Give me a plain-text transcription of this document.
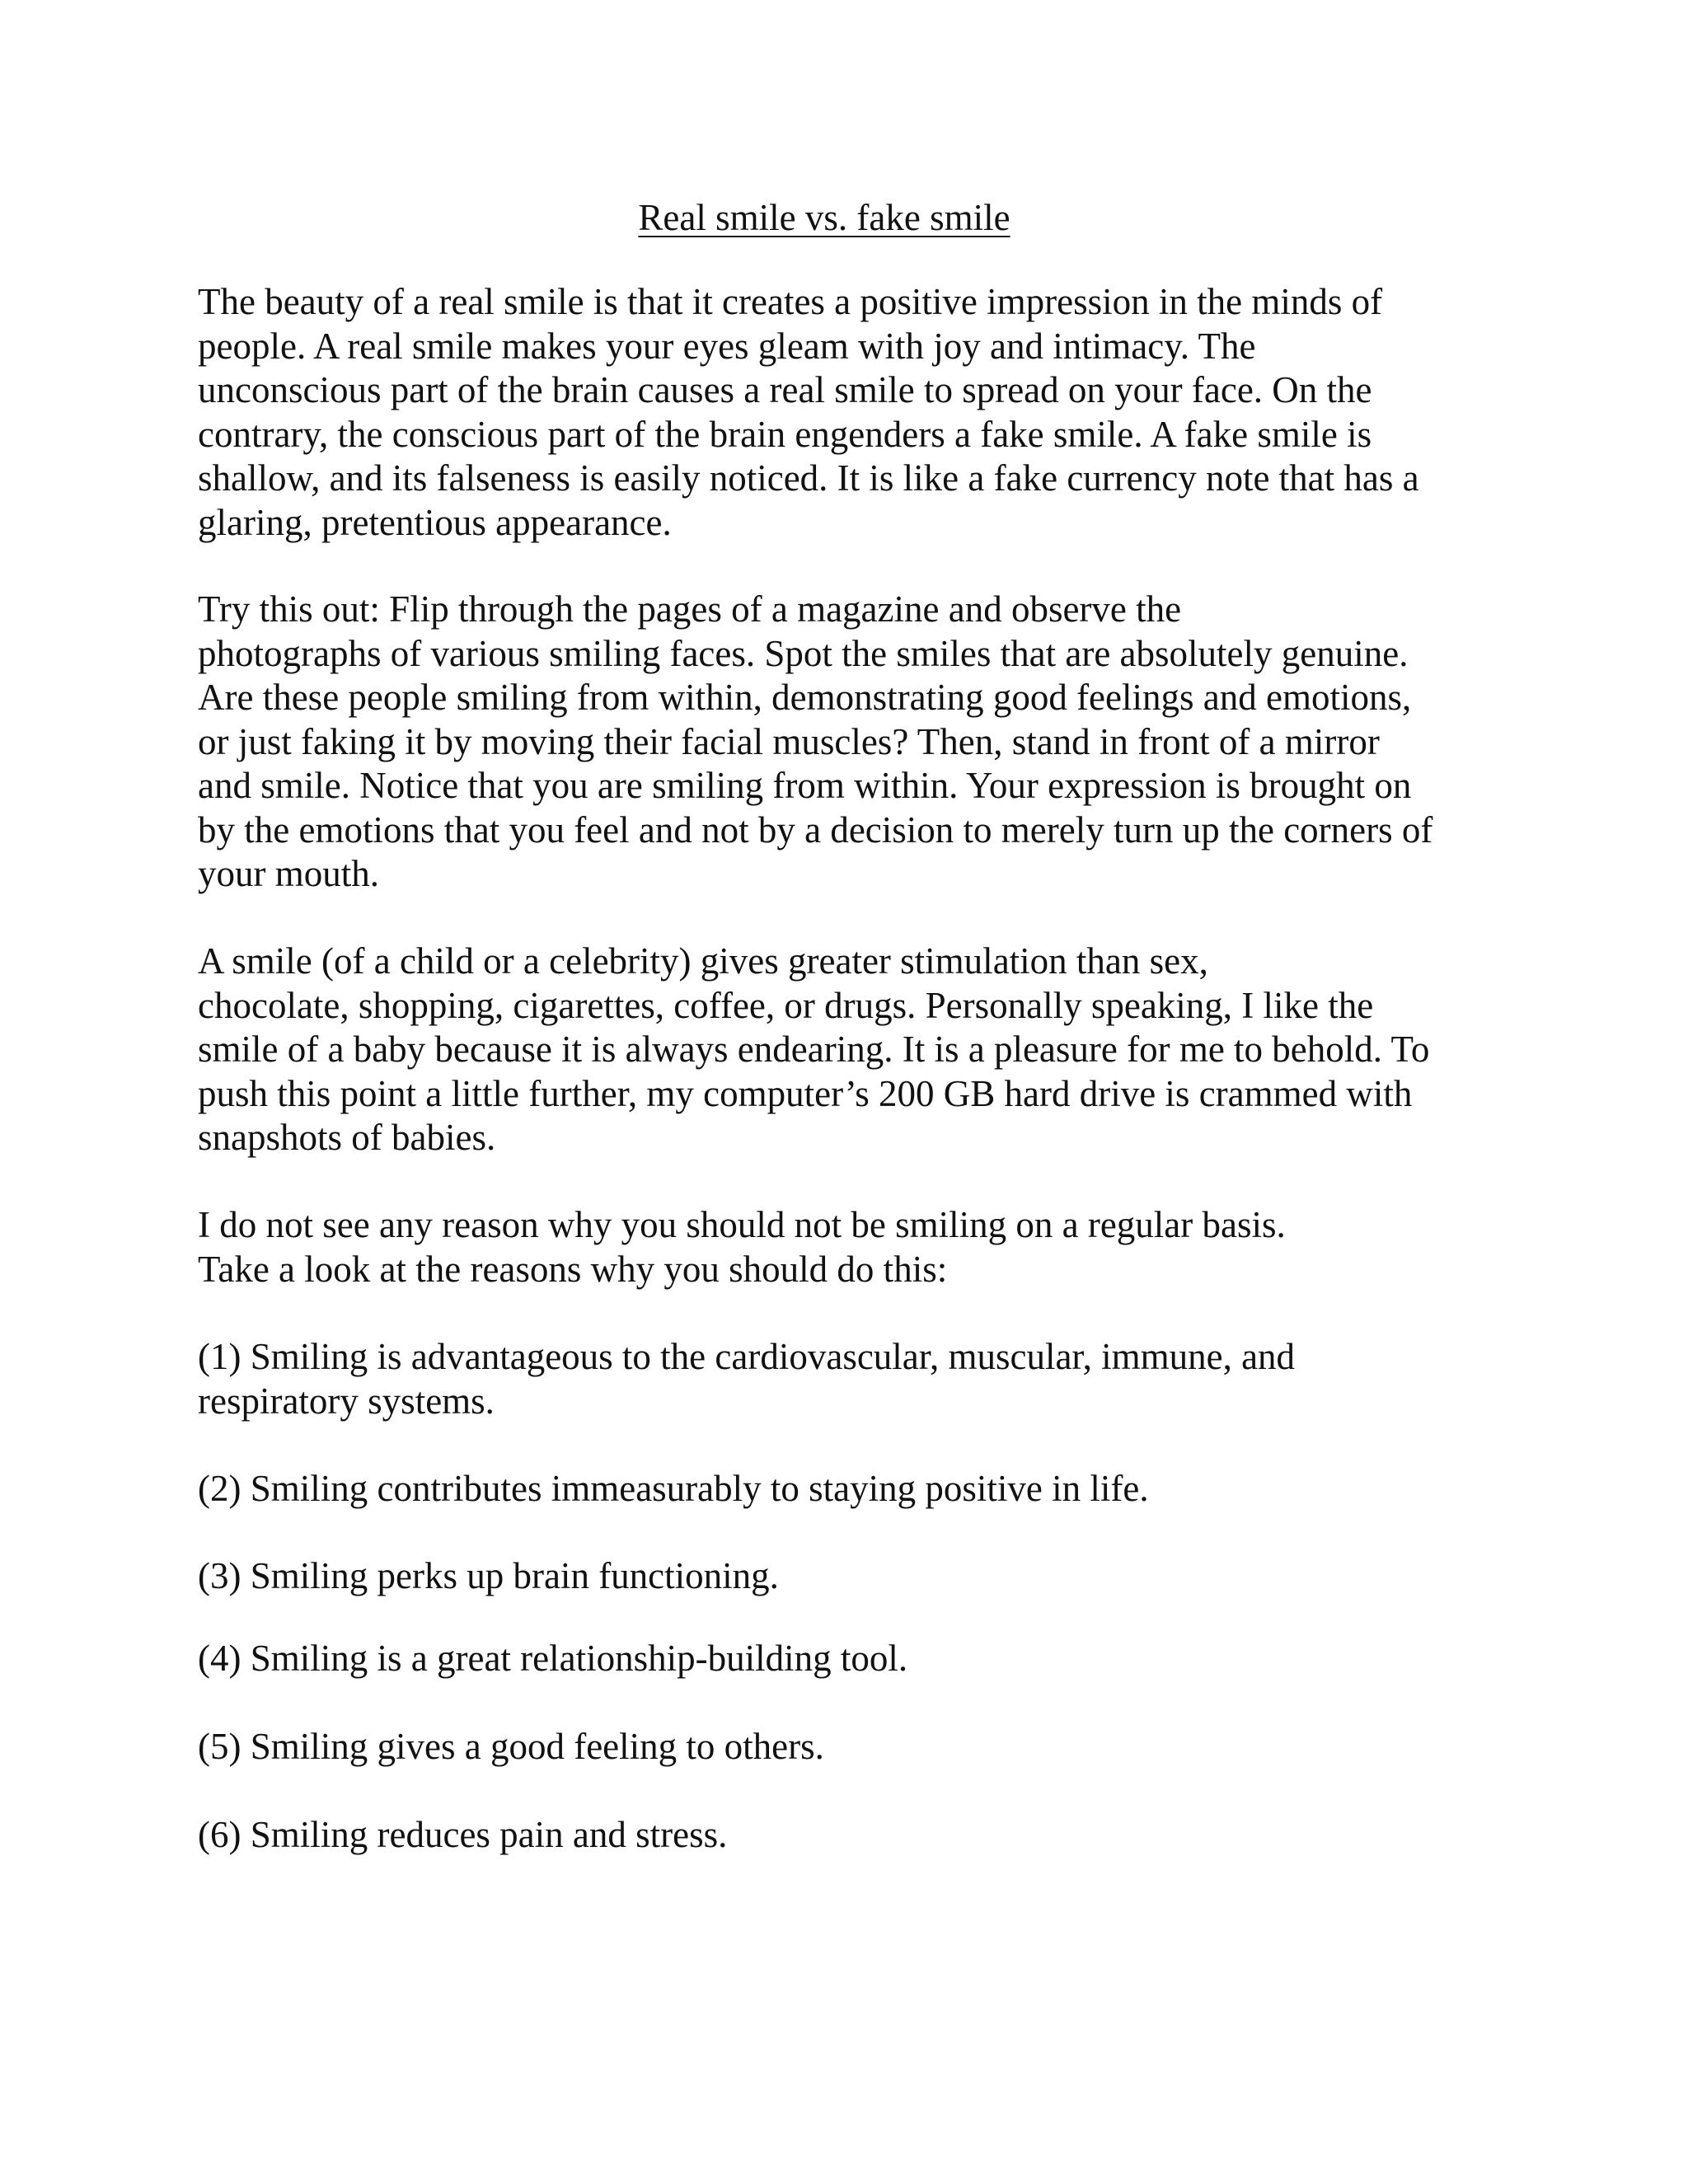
Real smile vs. fake smile

The beauty of a real smile is that it creates a positive impression in the minds of
people. A real smile makes your eyes gleam with joy and intimacy. The
unconscious part of the brain causes a real smile to spread on your face. On the
contrary, the conscious part of the brain engenders a fake smile. A fake smile is
shallow, and its falseness is easily noticed. It is like a fake currency note that has a
glaring, pretentious appearance.

Try this out: Flip through the pages of a magazine and observe the
photographs of various smiling faces. Spot the smiles that are absolutely genuine.
Are these people smiling from within, demonstrating good feelings and emotions,
or just faking it by moving their facial muscles? Then, stand in front of a mirror
and smile. Notice that you are smiling from within. Your expression is brought on
by the emotions that you feel and not by a decision to merely turn up the corners of
your mouth.

A smile (of a child or a celebrity) gives greater stimulation than sex,
chocolate, shopping, cigarettes, coffee, or drugs. Personally speaking, I like the
smile of a baby because it is always endearing. It is a pleasure for me to behold. To
push this point a little further, my computer’s 200 GB hard drive is crammed with
snapshots of babies.

I do not see any reason why you should not be smiling on a regular basis.
Take a look at the reasons why you should do this:

(1) Smiling is advantageous to the cardiovascular, muscular, immune, and
respiratory systems.

(2) Smiling contributes immeasurably to staying positive in life.

(3) Smiling perks up brain functioning.

(4) Smiling is a great relationship-building tool.

(5) Smiling gives a good feeling to others.

(6) Smiling reduces pain and stress.
